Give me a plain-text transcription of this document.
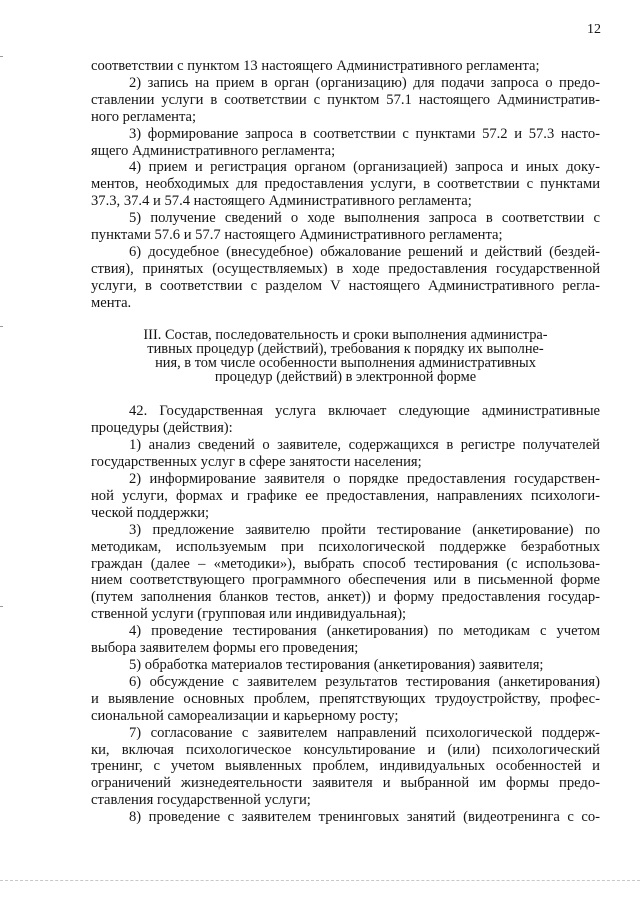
12
соответствии с пунктом 13 настоящего Административного регламента;
2) запись на прием в орган (организацию) для подачи запроса о предо-
ставлении услуги в соответствии с пунктом 57.1 настоящего Административ-
ного регламента;
3) формирование запроса в соответствии с пунктами 57.2 и 57.3 насто-
ящего Административного регламента;
4) прием и регистрация органом (организацией) запроса и иных доку-
ментов, необходимых для предоставления услуги, в соответствии с пунктами
37.3, 37.4 и 57.4 настоящего Административного регламента;
5) получение сведений о ходе выполнения запроса в соответствии с
пунктами 57.6 и 57.7 настоящего Административного регламента;
6) досудебное (внесудебное) обжалование решений и действий (бездей-
ствия), принятых (осуществляемых) в ходе предоставления государственной
услуги, в соответствии с разделом V настоящего Административного регла-
мента.
III. Состав, последовательность и сроки выполнения администра-
тивных процедур (действий), требования к порядку их выполне-
ния, в том числе особенности выполнения административных
процедур (действий) в электронной форме
42. Государственная услуга включает следующие административные
процедуры (действия):
1) анализ сведений о заявителе, содержащихся в регистре получателей
государственных услуг в сфере занятости населения;
2) информирование заявителя о порядке предоставления государствен-
ной услуги, формах и графике ее предоставления, направлениях психологи-
ческой поддержки;
3) предложение заявителю пройти тестирование (анкетирование) по
методикам, используемым при психологической поддержке безработных
граждан (далее – «методики»), выбрать способ тестирования (с использова-
нием соответствующего программного обеспечения или в письменной форме
(путем заполнения бланков тестов, анкет)) и форму предоставления государ-
ственной услуги (групповая или индивидуальная);
4) проведение тестирования (анкетирования) по методикам с учетом
выбора заявителем формы его проведения;
5) обработка материалов тестирования (анкетирования) заявителя;
6) обсуждение с заявителем результатов тестирования (анкетирования)
и выявление основных проблем, препятствующих трудоустройству, профес-
сиональной самореализации и карьерному росту;
7) согласование с заявителем направлений психологической поддерж-
ки, включая психологическое консультирование и (или) психологический
тренинг, с учетом выявленных проблем, индивидуальных особенностей и
ограничений жизнедеятельности заявителя и выбранной им формы предо-
ставления государственной услуги;
8) проведение с заявителем тренинговых занятий (видеотренинга с со-
